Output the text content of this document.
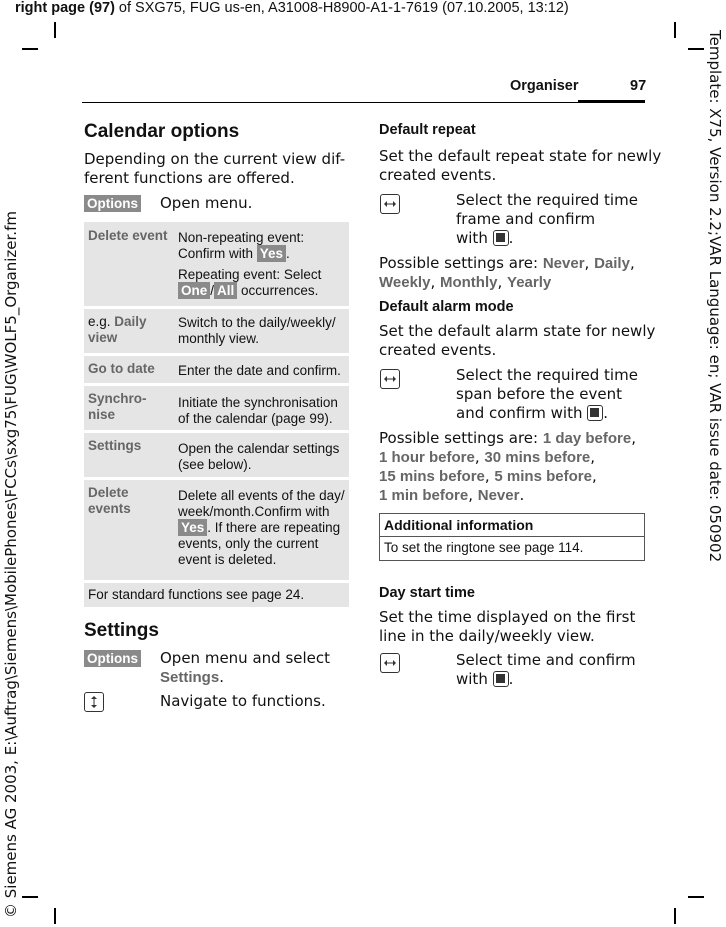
right page (97) of SXG75, FUG us-en, A31008-H8900-A1-1-7619 (07.10.2005, 13:12)
Template: X75, Version 2.2;VAR Language: en; VAR issue date: 050902
© Siemens AG 2003, E:\Auftrag\Siemens\MobilePhones\FCCs\sxg75\FUG\WOLF5_Organizer.fm
Organiser	97
Calendar options
Depending on the current view dif-
ferent functions are offered.
Options Open menu.
Delete event Non-repeating event:
Confirm with Yes .
Repeating event: Select
One / All occurrences.
e.g. Daily
view
Switch to the daily/weekly/
monthly view.
Go to date Enter the date and confirm.
Synchro-
nise
Initiate the synchronisation
of the calendar (page 99).
Settings	Open the calendar settings
(see below).
Delete
events
Delete all events of the day/
week/month.Confirm with
Yes . If there are repeating
events, only the current
event is deleted.
For standard functions see page 24.
Settings
Options Open menu and select
Settings.
Navigate to functions.
Default repeat
Set the default repeat state for newly
created events.
Select the required time
frame and confirm
with .
Possible settings are: Never, Daily,
Weekly, Monthly, Yearly
Default alarm mode
Set the default alarm state for newly
created events.
Select the required time
span before the event
and confirm with .
Possible settings are: 1 day before,
1 hour before, 30 mins before,
15 mins before, 5 mins before,
1 min before, Never.
Additional information
To set the ringtone see page 114.
Day start time
Set the time displayed on the first
line in the daily/weekly view.
Select time and confirm
with .
